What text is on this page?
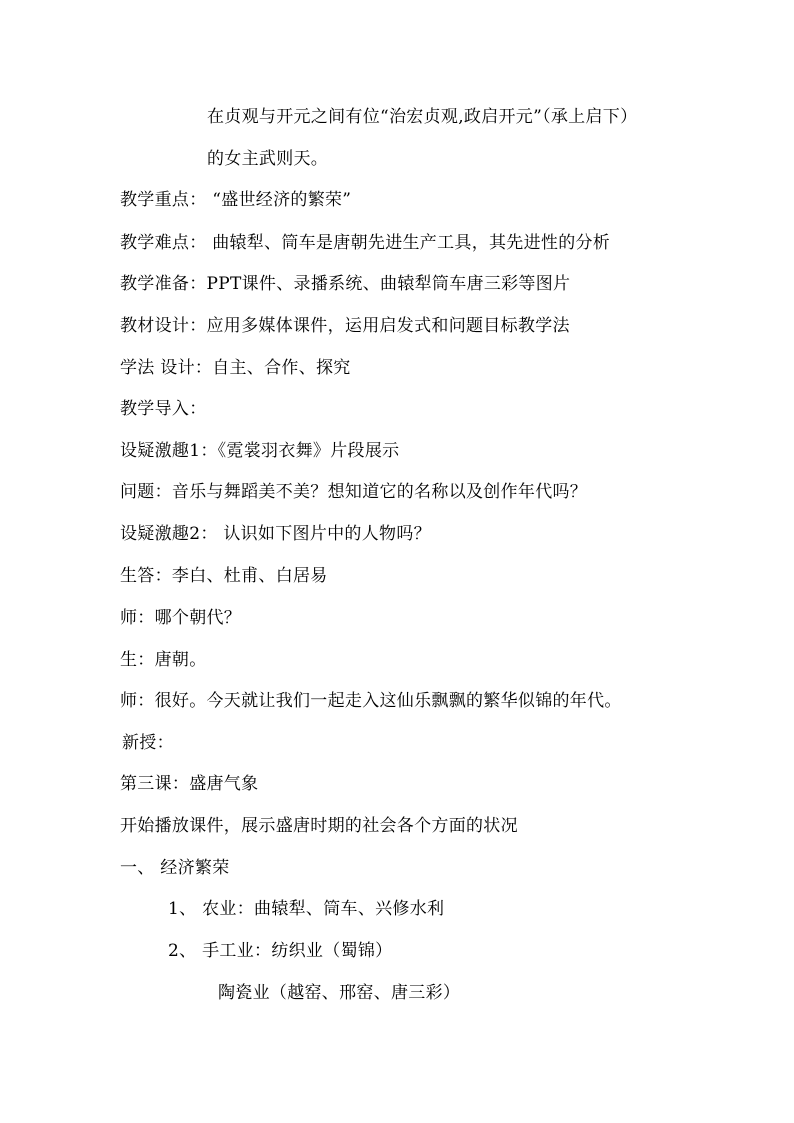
在贞观与开元之间有位“治宏贞观,政启开元”（承上启下）
的女主武则天。
教学重点： “盛世经济的繁荣”
教学难点： 曲辕犁、筒车是唐朝先进生产工具，其先进性的分析
教学准备：PPT课件、录播系统、曲辕犁筒车唐三彩等图片
教材设计：应用多媒体课件，运用启发式和问题目标教学法
学法 设计：自主、合作、探究
教学导入：
设疑激趣1：《霓裳羽衣舞》片段展示
问题：音乐与舞蹈美不美？想知道它的名称以及创作年代吗？
设疑激趣2： 认识如下图片中的人物吗？
生答：李白、杜甫、白居易
师：哪个朝代？
生：唐朝。
师：很好。今天就让我们一起走入这仙乐飘飘的繁华似锦的年代。
新授：
第三课：盛唐气象
开始播放课件，展示盛唐时期的社会各个方面的状况
一、 经济繁荣
1、 农业：曲辕犁、筒车、兴修水利
2、 手工业：纺织业（蜀锦）
陶瓷业（越窑、邢窑、唐三彩）
